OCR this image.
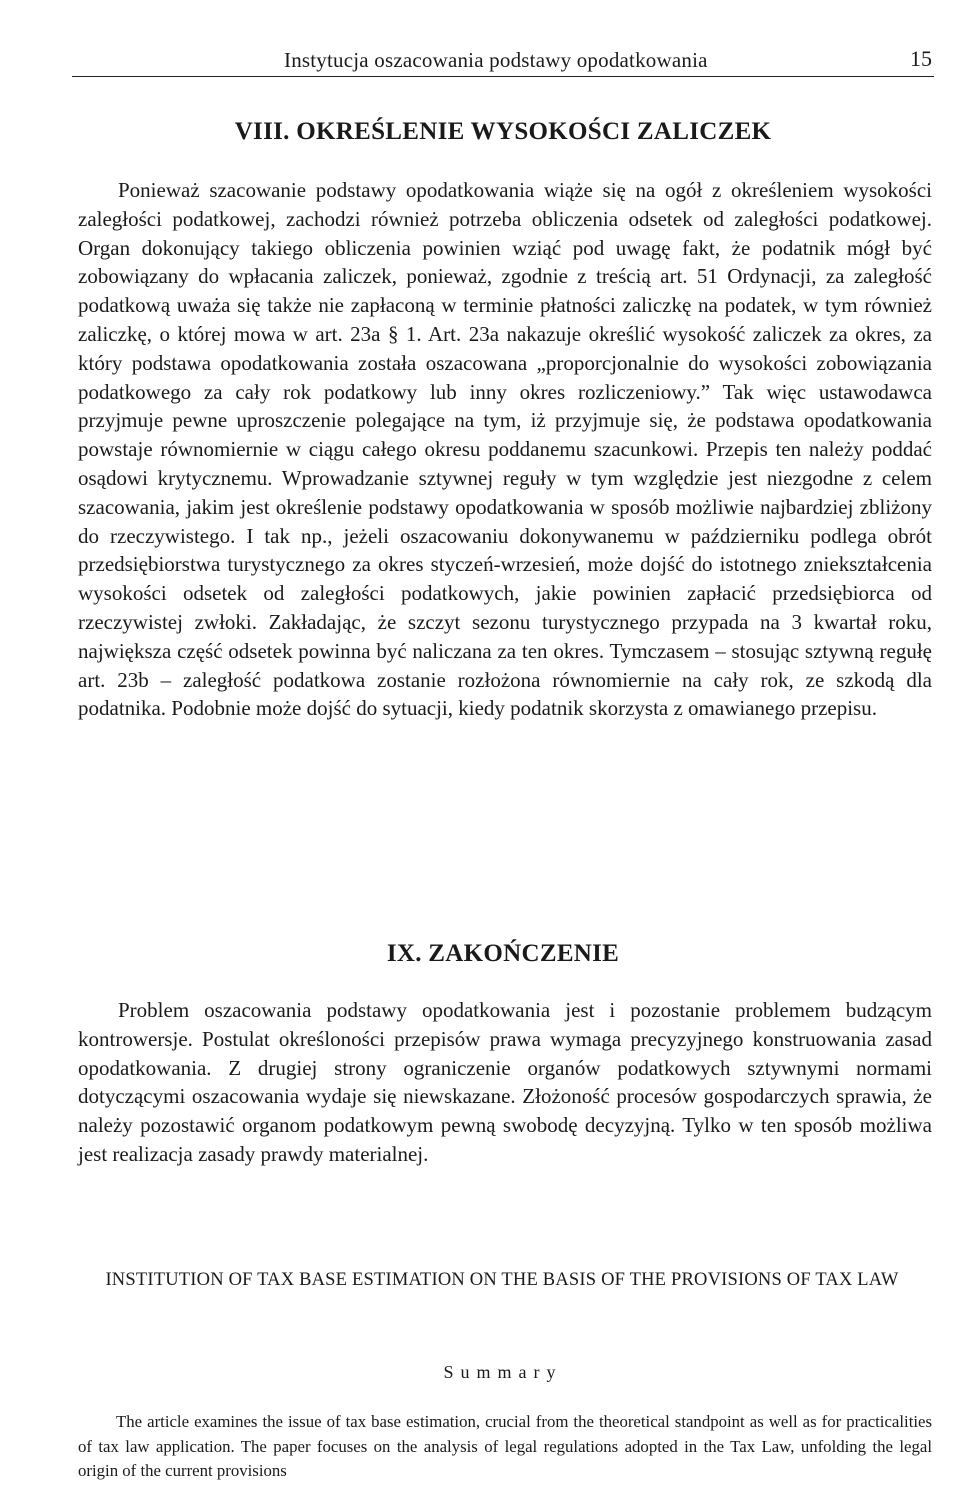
Instytucja oszacowania podstawy opodatkowania	15
VIII. OKREŚLENIE WYSOKOŚCI ZALICZEK

Ponieważ szacowanie podstawy opodatkowania wiąże się na ogół z określeniem wysokości zaległości podatkowej, zachodzi również potrzeba obliczenia odsetek od zaległości podatkowej. Organ dokonujący takiego obliczenia powinien wziąć pod uwagę fakt, że podatnik mógł być zobowiązany do wpłacania zaliczek, ponieważ, zgodnie z treścią art. 51 Ordynacji, za zaległość podatkową uważa się także nie zapłaconą w terminie płatności zaliczkę na podatek, w tym również zaliczkę, o której mowa w art. 23a § 1. Art. 23a nakazuje określić wysokość zaliczek za okres, za który podstawa opodatkowania została oszacowana „proporcjonalnie do wysokości zobowiązania podatkowego za cały rok podatkowy lub inny okres rozliczeniowy.” Tak więc ustawodawca przyjmuje pewne uproszczenie polegające na tym, iż przyjmuje się, że podstawa opodatkowania powstaje równomiernie w ciągu całego okresu poddanemu szacunkowi. Przepis ten należy poddać osądowi krytycznemu. Wprowadzanie sztywnej reguły w tym względzie jest niezgodne z celem szacowania, jakim jest określenie podstawy opodatkowania w sposób możliwie najbardziej zbliżony do rzeczywistego. I tak np., jeżeli oszacowaniu dokonywanemu w październiku podlega obrót przedsiębiorstwa turystycznego za okres styczeń-wrzesień, może dojść do istotnego zniekształcenia wysokości odsetek od zaległości podatkowych, jakie powinien zapłacić przedsiębiorca od rzeczywistej zwłoki. Zakładając, że szczyt sezonu turystycznego przypada na 3 kwartał roku, największa część odsetek powinna być naliczana za ten okres. Tymczasem – stosując sztywną regułę art. 23b – zaległość podatkowa zostanie rozłożona równomiernie na cały rok, ze szkodą dla podatnika. Podobnie może dojść do sytuacji, kiedy podatnik skorzysta z omawianego przepisu.

IX. ZAKOŃCZENIE

Problem oszacowania podstawy opodatkowania jest i pozostanie problemem budzącym kontrowersje. Postulat określoności przepisów prawa wymaga precyzyjnego konstruowania zasad opodatkowania. Z drugiej strony ograniczenie organów podatkowych sztywnymi normami dotyczącymi oszacowania wydaje się niewskazane. Złożoność procesów gospodarczych sprawia, że należy pozostawić organom podatkowym pewną swobodę decyzyjną. Tylko w ten sposób możliwa jest realizacja zasady prawdy materialnej.

INSTITUTION OF TAX BASE ESTIMATION ON THE BASIS OF THE PROVISIONS OF TAX LAW
Summary

The article examines the issue of tax base estimation, crucial from the theoretical standpoint as well as for practicalities of tax law application. The paper focuses on the analysis of legal regulations adopted in the Tax Law, unfolding the legal origin of the current provisions
